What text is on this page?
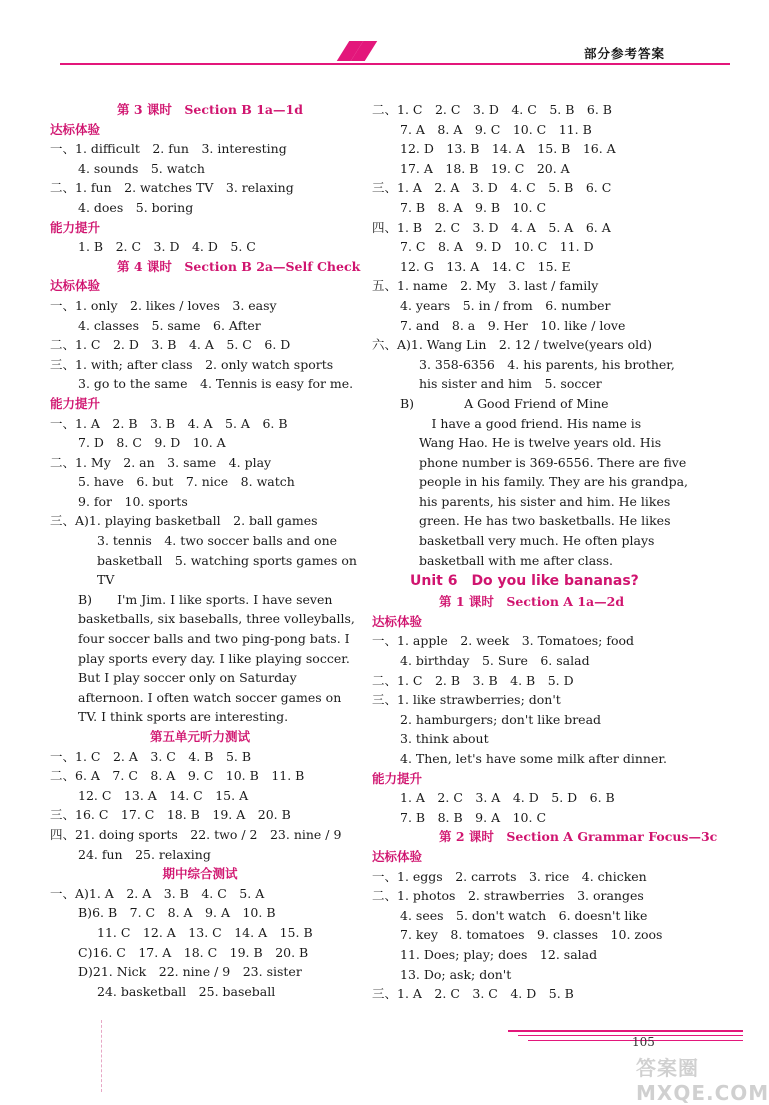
部分参考答案
第 3 课时　Section B 1a—1d
达标体验
一、1. difficult　2. fun　3. interesting
4. sounds　5. watch
二、1. fun　2. watches TV　3. relaxing
4. does　5. boring
能力提升
1. B　2. C　3. D　4. D　5. C
第 4 课时　Section B 2a—Self Check
达标体验
一、1. only　2. likes / loves　3. easy
4. classes　5. same　6. After
二、1. C　2. D　3. B　4. A　5. C　6. D
三、1. with; after class　2. only watch sports
3. go to the same　4. Tennis is easy for me.
能力提升
一、1. A　2. B　3. B　4. A　5. A　6. B
7. D　8. C　9. D　10. A
二、1. My　2. an　3. same　4. play
5. have　6. but　7. nice　8. watch
9. for　10. sports
三、A)1. playing basketball　2. ball games
3. tennis　4. two soccer balls and one
basketball　5. watching sports games on
TV
B)　　I'm Jim. I like sports. I have seven
basketballs, six baseballs, three volleyballs,
four soccer balls and two ping-pong bats. I
play sports every day. I like playing soccer.
But I play soccer only on Saturday
afternoon. I often watch soccer games on
TV. I think sports are interesting.
第五单元听力测试
一、1. C　2. A　3. C　4. B　5. B
二、6. A　7. C　8. A　9. C　10. B　11. B
12. C　13. A　14. C　15. A
三、16. C　17. C　18. B　19. A　20. B
四、21. doing sports　22. two / 2　23. nine / 9
24. fun　25. relaxing
期中综合测试
一、A)1. A　2. A　3. B　4. C　5. A
B)6. B　7. C　8. A　9. A　10. B
11. C　12. A　13. C　14. A　15. B
C)16. C　17. A　18. C　19. B　20. B
D)21. Nick　22. nine / 9　23. sister
24. basketball　25. baseball
二、1. C　2. C　3. D　4. C　5. B　6. B
7. A　8. A　9. C　10. C　11. B
12. D　13. B　14. A　15. B　16. A
17. A　18. B　19. C　20. A
三、1. A　2. A　3. D　4. C　5. B　6. C
7. B　8. A　9. B　10. C
四、1. B　2. C　3. D　4. A　5. A　6. A
7. C　8. A　9. D　10. C　11. D
12. G　13. A　14. C　15. E
五、1. name　2. My　3. last / family
4. years　5. in / from　6. number
7. and　8. a　9. Her　10. like / love
六、A)1. Wang Lin　2. 12 / twelve(years old)
3. 358-6356　4. his parents, his brother,
his sister and him　5. soccer
B)　　　　A Good Friend of Mine
　I have a good friend. His name is
Wang Hao. He is twelve years old. His
phone number is 369-6556. There are five
people in his family. They are his grandpa,
his parents, his sister and him. He likes
green. He has two basketballs. He likes
basketball very much. He often plays
basketball with me after class.
Unit 6　Do you like bananas?
第 1 课时　Section A 1a—2d
达标体验
一、1. apple　2. week　3. Tomatoes; food
4. birthday　5. Sure　6. salad
二、1. C　2. B　3. B　4. B　5. D
三、1. like strawberries; don't
2. hamburgers; don't like bread
3. think about
4. Then, let's have some milk after dinner.
能力提升
1. A　2. C　3. A　4. D　5. D　6. B
7. B　8. B　9. A　10. C
第 2 课时　Section A Grammar Focus—3c
达标体验
一、1. eggs　2. carrots　3. rice　4. chicken
二、1. photos　2. strawberries　3. oranges
4. sees　5. don't watch　6. doesn't like
7. key　8. tomatoes　9. classes　10. zoos
11. Does; play; does　12. salad
13. Do; ask; don't
三、1. A　2. C　3. C　4. D　5. B
105
答案圈 MXQE.COM
